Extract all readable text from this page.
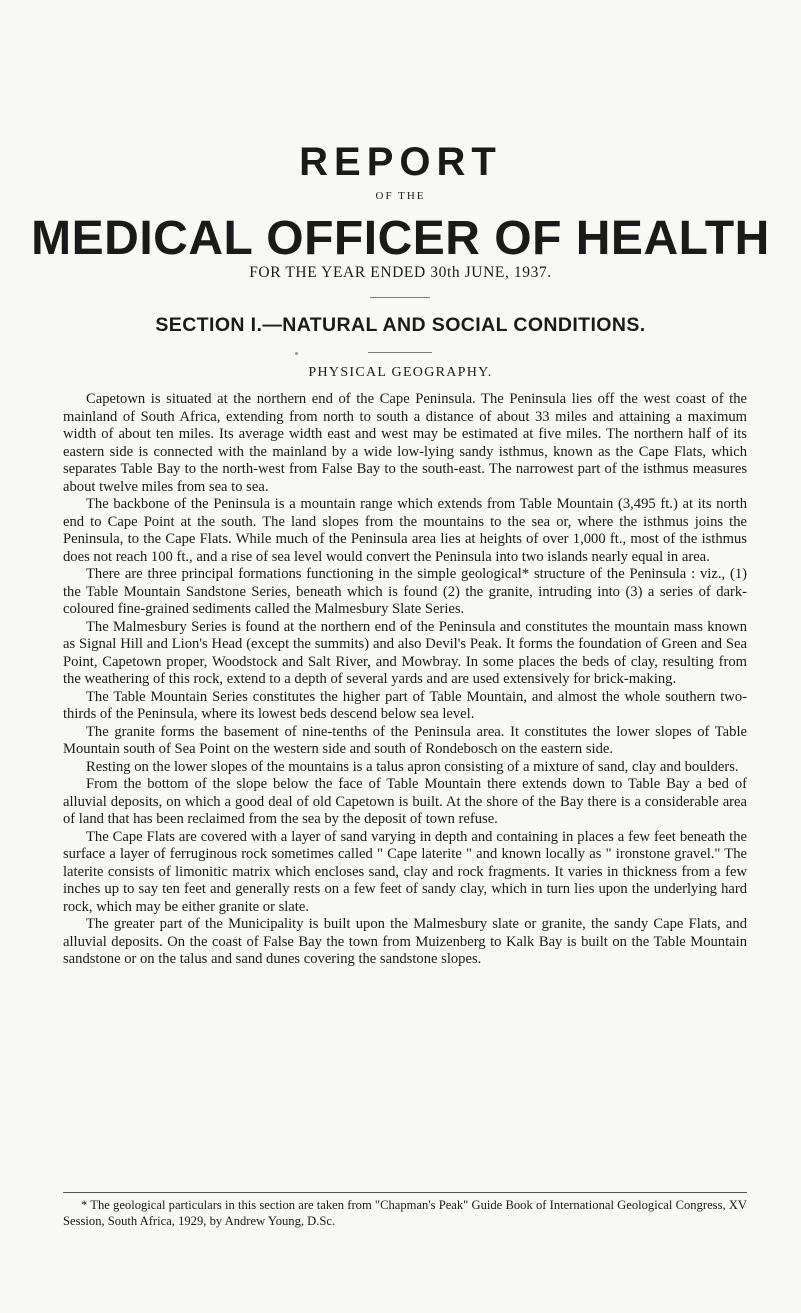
REPORT
OF THE
MEDICAL OFFICER OF HEALTH
FOR THE YEAR ENDED 30th JUNE, 1937.
SECTION I.—NATURAL AND SOCIAL CONDITIONS.
PHYSICAL GEOGRAPHY.

Capetown is situated at the northern end of the Cape Peninsula. The Peninsula lies off the west coast of the mainland of South Africa, extending from north to south a distance of about 33 miles and attaining a maximum width of about ten miles. Its average width east and west may be estimated at five miles. The northern half of its eastern side is connected with the mainland by a wide low-lying sandy isthmus, known as the Cape Flats, which separates Table Bay to the north-west from False Bay to the south-east. The narrowest part of the isthmus measures about twelve miles from sea to sea.

The backbone of the Peninsula is a mountain range which extends from Table Mountain (3,495 ft.) at its north end to Cape Point at the south. The land slopes from the mountains to the sea or, where the isthmus joins the Peninsula, to the Cape Flats. While much of the Peninsula area lies at heights of over 1,000 ft., most of the isthmus does not reach 100 ft., and a rise of sea level would convert the Peninsula into two islands nearly equal in area.

There are three principal formations functioning in the simple geological* structure of the Peninsula : viz., (1) the Table Mountain Sandstone Series, beneath which is found (2) the granite, intruding into (3) a series of dark-coloured fine-grained sediments called the Malmesbury Slate Series.

The Malmesbury Series is found at the northern end of the Peninsula and constitutes the mountain mass known as Signal Hill and Lion's Head (except the summits) and also Devil's Peak. It forms the foundation of Green and Sea Point, Capetown proper, Woodstock and Salt River, and Mowbray. In some places the beds of clay, resulting from the weathering of this rock, extend to a depth of several yards and are used extensively for brick-making.

The Table Mountain Series constitutes the higher part of Table Mountain, and almost the whole southern two-thirds of the Peninsula, where its lowest beds descend below sea level.

The granite forms the basement of nine-tenths of the Peninsula area. It constitutes the lower slopes of Table Mountain south of Sea Point on the western side and south of Rondebosch on the eastern side.

Resting on the lower slopes of the mountains is a talus apron consisting of a mixture of sand, clay and boulders.

From the bottom of the slope below the face of Table Mountain there extends down to Table Bay a bed of alluvial deposits, on which a good deal of old Capetown is built. At the shore of the Bay there is a considerable area of land that has been reclaimed from the sea by the deposit of town refuse.

The Cape Flats are covered with a layer of sand varying in depth and containing in places a few feet beneath the surface a layer of ferruginous rock sometimes called " Cape laterite " and known locally as " ironstone gravel." The laterite consists of limonitic matrix which encloses sand, clay and rock fragments. It varies in thickness from a few inches up to say ten feet and generally rests on a few feet of sandy clay, which in turn lies upon the underlying hard rock, which may be either granite or slate.

The greater part of the Municipality is built upon the Malmesbury slate or granite, the sandy Cape Flats, and alluvial deposits. On the coast of False Bay the town from Muizenberg to Kalk Bay is built on the Table Mountain sandstone or on the talus and sand dunes covering the sandstone slopes.

* The geological particulars in this section are taken from "Chapman's Peak" Guide Book of International Geological Congress, XV Session, South Africa, 1929, by Andrew Young, D.Sc.
